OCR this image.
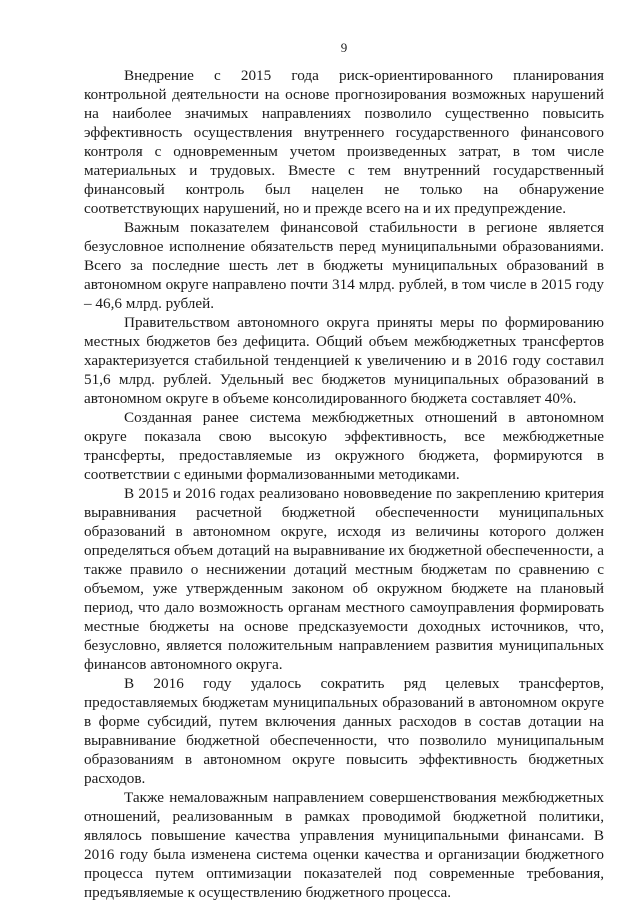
9

Внедрение с 2015 года риск-ориентированного планирования контрольной деятельности на основе прогнозирования возможных нарушений на наиболее значимых направлениях позволило существенно повысить эффективность осуществления внутреннего государственного финансового контроля с одновременным учетом произведенных затрат, в том числе материальных и трудовых. Вместе с тем внутренний государственный финансовый контроль был нацелен не только на обнаружение соответствующих нарушений, но и прежде всего на и их предупреждение.

Важным показателем финансовой стабильности в регионе является безусловное исполнение обязательств перед муниципальными образованиями. Всего за последние шесть лет в бюджеты муниципальных образований в автономном округе направлено почти 314 млрд. рублей, в том числе в 2015 году – 46,6 млрд. рублей.

Правительством автономного округа приняты меры по формированию местных бюджетов без дефицита. Общий объем межбюджетных трансфертов характеризуется стабильной тенденцией к увеличению и в 2016 году составил 51,6 млрд. рублей. Удельный вес бюджетов муниципальных образований в автономном округе в объеме консолидированного бюджета составляет 40%.

Созданная ранее система межбюджетных отношений в автономном округе показала свою высокую эффективность, все межбюджетные трансферты, предоставляемые из окружного бюджета, формируются в соответствии с едиными формализованными методиками.

В 2015 и 2016 годах реализовано нововведение по закреплению критерия выравнивания расчетной бюджетной обеспеченности муниципальных образований в автономном округе, исходя из величины которого должен определяться объем дотаций на выравнивание их бюджетной обеспеченности, а также правило о неснижении дотаций местным бюджетам по сравнению с объемом, уже утвержденным законом об окружном бюджете на плановый период, что дало возможность органам местного самоуправления формировать местные бюджеты на основе предсказуемости доходных источников, что, безусловно, является положительным направлением развития муниципальных финансов автономного округа.

В 2016 году удалось сократить ряд целевых трансфертов, предоставляемых бюджетам муниципальных образований в автономном округе в форме субсидий, путем включения данных расходов в состав дотации на выравнивание бюджетной обеспеченности, что позволило муниципальным образованиям в автономном округе повысить эффективность бюджетных расходов.

Также немаловажным направлением совершенствования межбюджетных отношений, реализованным в рамках проводимой бюджетной политики, являлось повышение качества управления муниципальными финансами. В 2016 году была изменена система оценки качества и организации бюджетного процесса путем оптимизации показателей под современные требования, предъявляемые к осуществлению бюджетного процесса.
